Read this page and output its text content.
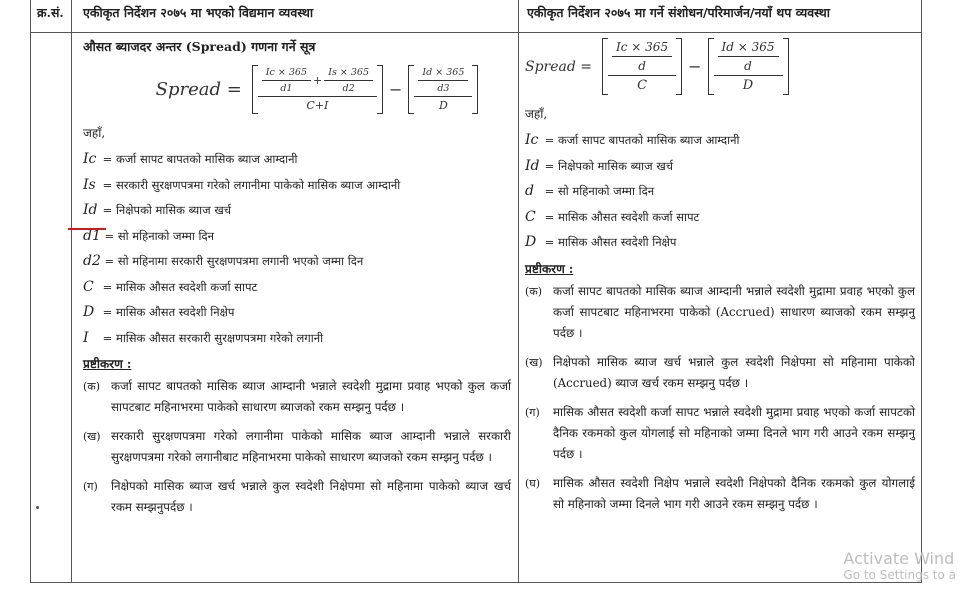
क्र.सं. एकीकृत निर्देशन २०७५ मा भएको विद्यमान व्यवस्था	एकीकृत निर्देशन २०७५ मा गर्ने संशोधन/परिमार्जन/नयाँ थप व्यवस्था
औसत ब्याजदर अन्तर (Spread) गणना गर्ने सूत्र
Spread = $\frac{Ic \times 365}{d1} + \frac{Is \times 365}{d2}$
C+I
− Id × 365
d3
D
जहाँ,
Ic = कर्जा सापट बापतको मासिक ब्याज आम्दानी
Is = सरकारी सुरक्षणपत्रमा गरेको लगानीमा पाकेको मासिक ब्याज आम्दानी
Id = निक्षेपको मासिक ब्याज खर्च
d1 = सो महिनाको जम्मा दिन
d2 = सो महिनामा सरकारी सुरक्षणपत्रमा लगानी भएको जम्मा दिन
C = मासिक औसत स्वदेशी कर्जा सापट
D = मासिक औसत स्वदेशी निक्षेप
I = मासिक औसत सरकारी सुरक्षणपत्रमा गरेको लगानी
प्रष्टीकरण :
(क) कर्जा सापट बापतको मासिक ब्याज आम्दानी भन्नाले स्वदेशी मुद्रामा प्रवाह भएको कुल कर्जा सापटबाट महिनाभरमा पाकेको साधारण ब्याजको रकम सम्झनु पर्दछ ।
(ख) सरकारी सुरक्षणपत्रमा गरेको लगानीमा पाकेको मासिक ब्याज आम्दानी भन्नाले सरकारी सुरक्षणपत्रमा गरेको लगानीबाट महिनाभरमा पाकेको साधारण ब्याजको रकम सम्झनु पर्दछ ।
(ग)	निक्षेपको मासिक ब्याज खर्च भन्नाले कुल स्वदेशी निक्षेपमा सो महिनामा पाकेको ब्याज खर्च रकम सम्झनुपर्दछ ।
Spread = Ic × 365
d
C − Id × 365
d
D
जहाँ,
Ic = कर्जा सापट बापतको मासिक ब्याज आम्दानी
Id = निक्षेपको मासिक ब्याज खर्च
d = सो महिनाको जम्मा दिन
C = मासिक औसत स्वदेशी कर्जा सापट
D = मासिक औसत स्वदेशी निक्षेप
प्रष्टीकरण :
(क) कर्जा सापट बापतको मासिक ब्याज आम्दानी भन्नाले स्वदेशी मुद्रामा प्रवाह भएको कुल कर्जा सापटबाट महिनाभरमा पाकेको (Accrued) साधारण ब्याजको रकम सम्झनु पर्दछ ।
(ख) निक्षेपको मासिक ब्याज खर्च भन्नाले कुल स्वदेशी निक्षेपमा सो महिनामा पाकेको (Accrued) ब्याज खर्च रकम सम्झनु पर्दछ ।
(ग)	मासिक औसत स्वदेशी कर्जा सापट भन्नाले स्वदेशी मुद्रामा प्रवाह भएको कर्जा सापटको दैनिक रकमको कुल योगलाई सो महिनाको जम्मा दिनले भाग गरी आउने रकम सम्झनु पर्दछ ।
(घ)	मासिक औसत स्वदेशी निक्षेप भन्नाले स्वदेशी निक्षेपको दैनिक रकमको कुल योगलाई सो महिनाको जम्मा दिनले भाग गरी आउने रकम सम्झनु पर्दछ ।
Activate Wind
Go to Settings to a
